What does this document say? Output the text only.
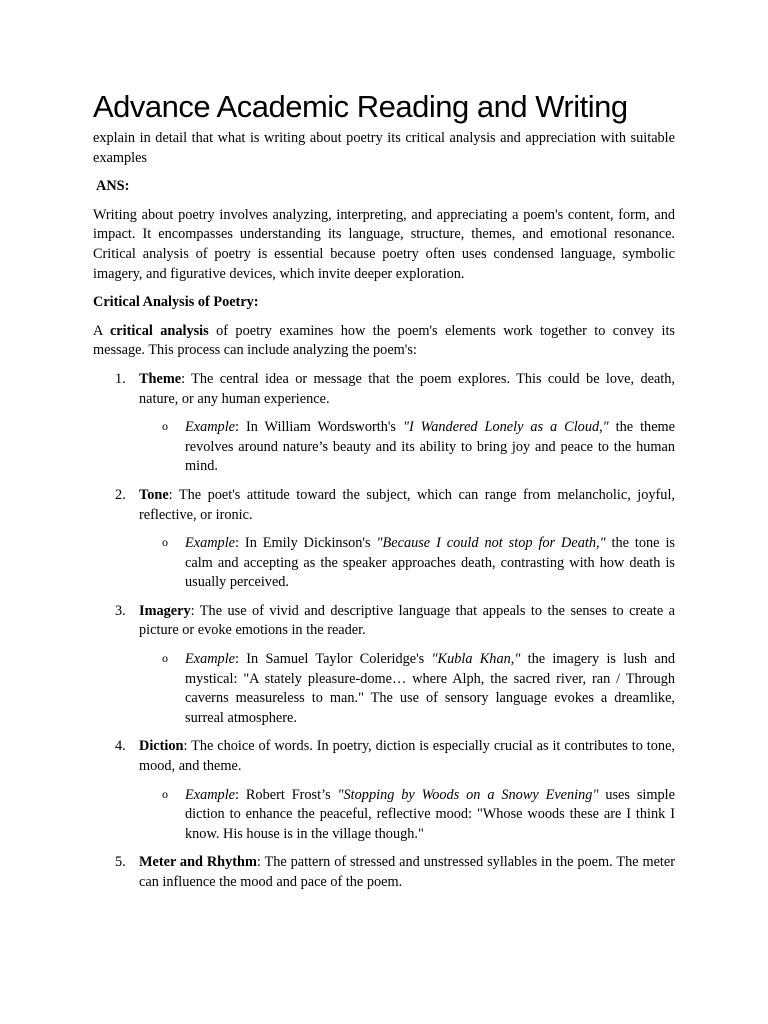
Advance Academic Reading and Writing

explain in detail that what is writing about poetry its critical analysis and appreciation with suitable examples

ANS:

Writing about poetry involves analyzing, interpreting, and appreciating a poem's content, form, and impact. It encompasses understanding its language, structure, themes, and emotional resonance. Critical analysis of poetry is essential because poetry often uses condensed language, symbolic imagery, and figurative devices, which invite deeper exploration.

Critical Analysis of Poetry:

A critical analysis of poetry examines how the poem's elements work together to convey its message. This process can include analyzing the poem's:

1. Theme: The central idea or message that the poem explores. This could be love, death, nature, or any human experience.
o Example: In William Wordsworth's "I Wandered Lonely as a Cloud," the theme revolves around nature’s beauty and its ability to bring joy and peace to the human mind.
2. Tone: The poet's attitude toward the subject, which can range from melancholic, joyful, reflective, or ironic.
o Example: In Emily Dickinson's "Because I could not stop for Death," the tone is calm and accepting as the speaker approaches death, contrasting with how death is usually perceived.
3. Imagery: The use of vivid and descriptive language that appeals to the senses to create a picture or evoke emotions in the reader.
o Example: In Samuel Taylor Coleridge's "Kubla Khan," the imagery is lush and mystical: "A stately pleasure-dome… where Alph, the sacred river, ran / Through caverns measureless to man." The use of sensory language evokes a dreamlike, surreal atmosphere.
4. Diction: The choice of words. In poetry, diction is especially crucial as it contributes to tone, mood, and theme.
o Example: Robert Frost’s "Stopping by Woods on a Snowy Evening" uses simple diction to enhance the peaceful, reflective mood: "Whose woods these are I think I know. His house is in the village though."
5. Meter and Rhythm: The pattern of stressed and unstressed syllables in the poem. The meter can influence the mood and pace of the poem.
